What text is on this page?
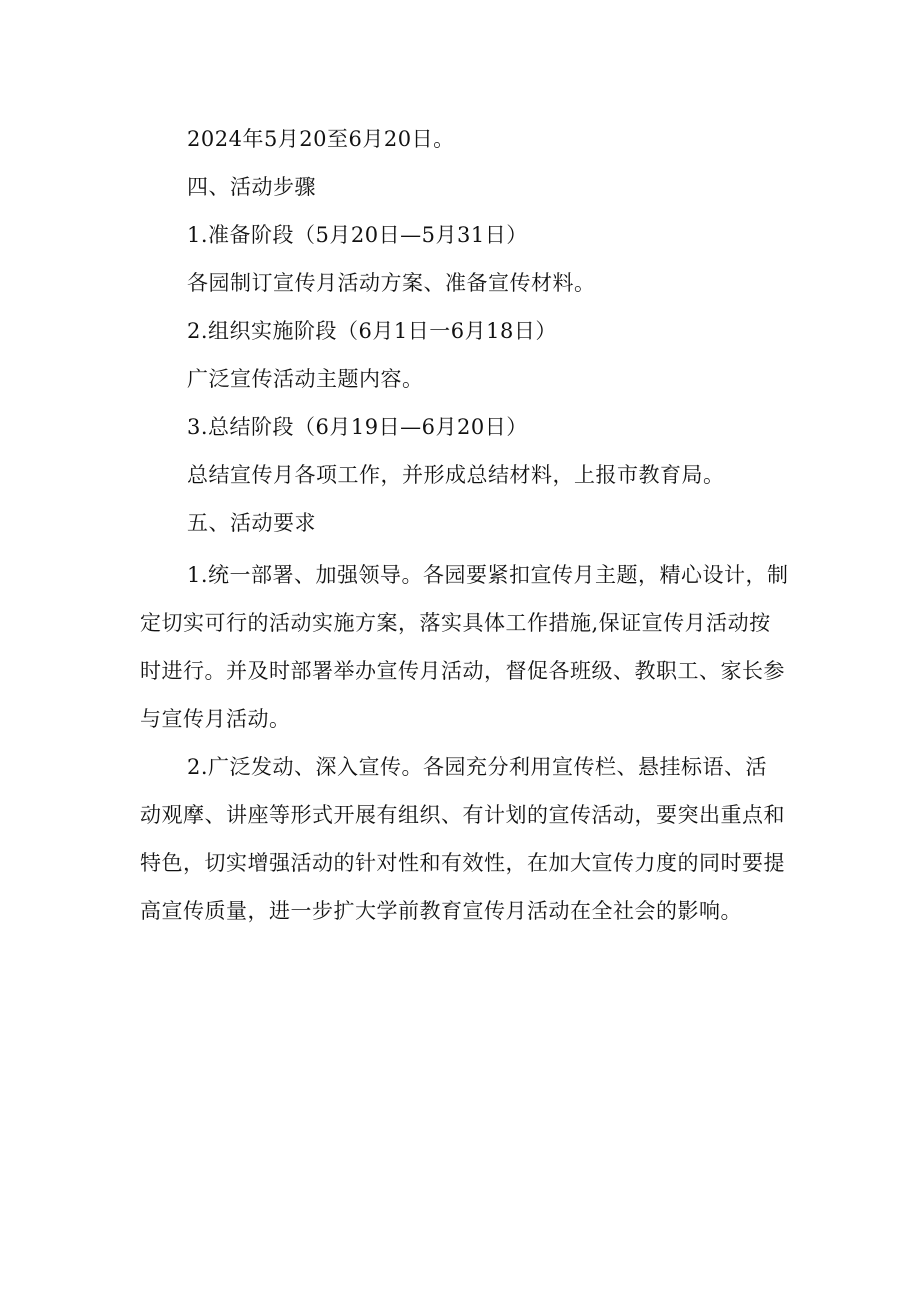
2024年5月20至6月20日。
四、活动步骤
1.准备阶段（5月20日—5月31日）
各园制订宣传月活动方案、准备宣传材料。
2.组织实施阶段（6月1日一6月18日）
广泛宣传活动主题内容。
3.总结阶段（6月19日—6月20日）
总结宣传月各项工作，并形成总结材料，上报市教育局。
五、活动要求
1.统一部署、加强领导。各园要紧扣宣传月主题，精心设计，制
定切实可行的活动实施方案，落实具体工作措施,保证宣传月活动按
时进行。并及时部署举办宣传月活动，督促各班级、教职工、家长参
与宣传月活动。
2.广泛发动、深入宣传。各园充分利用宣传栏、悬挂标语、活
动观摩、讲座等形式开展有组织、有计划的宣传活动，要突出重点和
特色，切实增强活动的针对性和有效性，在加大宣传力度的同时要提
高宣传质量，进一步扩大学前教育宣传月活动在全社会的影响。
